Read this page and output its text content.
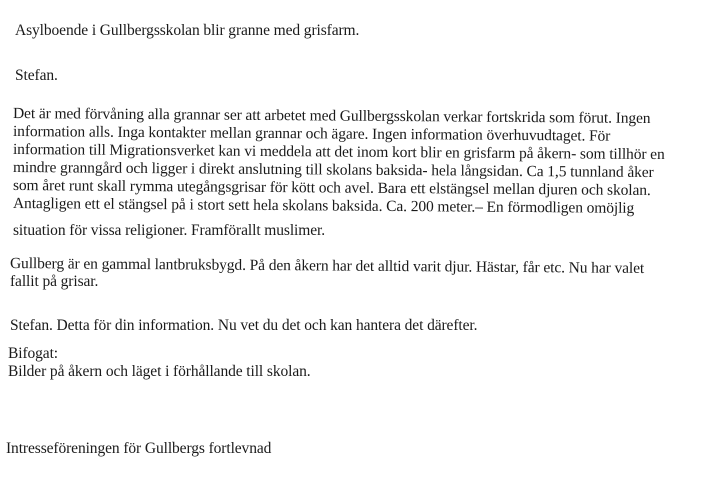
Asylboende i Gullbergsskolan blir granne med grisfarm.
Stefan.
Det är med förvåning alla grannar ser att arbetet med Gullbergsskolan verkar fortskrida som förut. Ingen
information alls. Inga kontakter mellan grannar och ägare. Ingen information överhuvudtaget. För
information till Migrationsverket kan vi meddela att det inom kort blir en grisfarm på åkern- som tillhör en
mindre granngård och ligger i direkt anslutning till skolans baksida- hela långsidan. Ca 1,5 tunnland åker
som året runt skall rymma utegångsgrisar för kött och avel. Bara ett elstängsel mellan djuren och skolan.
Antagligen ett el stängsel på i stort sett hela skolans baksida. Ca. 200 meter.– En förmodligen omöjlig
situation för vissa religioner. Framförallt muslimer.
Gullberg är en gammal lantbruksbygd. På den åkern har det alltid varit djur. Hästar, får etc. Nu har valet
fallit på grisar.
Stefan. Detta för din information. Nu vet du det och kan hantera det därefter.
Bifogat:
Bilder på åkern och läget i förhållande till skolan.
Intresseföreningen för Gullbergs fortlevnad
